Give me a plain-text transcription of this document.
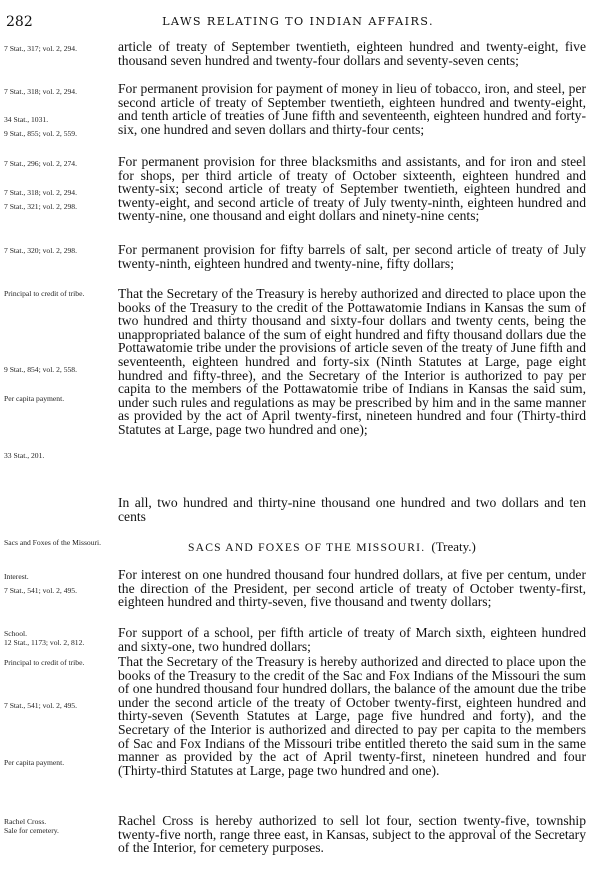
282	LAWS RELATING TO INDIAN AFFAIRS.
7 Stat., 317; vol. 2, 294.
7 Stat., 318; vol. 2, 294.
34 Stat., 1031.
9 Stat., 855; vol. 2, 559.
7 Stat., 296; vol. 2, 274.
7 Stat., 318; vol. 2, 294.
7 Stat., 321; vol. 2, 298.
7 Stat., 320; vol. 2, 298.
Principal to credit of tribe.
9 Stat., 854; vol. 2, 558.
Per capita payment.
33 Stat., 201.
Sacs and Foxes of the Missouri.
Interest.
7 Stat., 541; vol. 2, 495.
School.
12 Stat., 1173; vol. 2, 812.
Principal to credit of tribe.
7 Stat., 541; vol. 2, 495.
Per capita payment.
Rachel Cross.
Sale for cemetery.
article of treaty of September twentieth, eighteen hundred and twenty-eight, five thousand seven hundred and twenty-four dollars and seventy-seven cents;
For permanent provision for payment of money in lieu of tobacco, iron, and steel, per second article of treaty of September twentieth, eighteen hundred and twenty-eight, and tenth article of treaties of June fifth and seventeenth, eighteen hundred and forty-six, one hundred and seven dollars and thirty-four cents;
For permanent provision for three blacksmiths and assistants, and for iron and steel for shops, per third article of treaty of October sixteenth, eighteen hundred and twenty-six; second article of treaty of September twentieth, eighteen hundred and twenty-eight, and second article of treaty of July twenty-ninth, eighteen hundred and twenty-nine, one thousand and eight dollars and ninety-nine cents;
For permanent provision for fifty barrels of salt, per second article of treaty of July twenty-ninth, eighteen hundred and twenty-nine, fifty dollars;
That the Secretary of the Treasury is hereby authorized and directed to place upon the books of the Treasury to the credit of the Pottawatomie Indians in Kansas the sum of two hundred and thirty thousand and sixty-four dollars and twenty cents, being the unappropriated balance of the sum of eight hundred and fifty thousand dollars due the Pottawatomie tribe under the provisions of article seven of the treaty of June fifth and seventeenth, eighteen hundred and forty-six (Ninth Statutes at Large, page eight hundred and fifty-three), and the Secretary of the Interior is authorized to pay per capita to the members of the Pottawatomie tribe of Indians in Kansas the said sum, under such rules and regulations as may be prescribed by him and in the same manner as provided by the act of April twenty-first, nineteen hundred and four (Thirty-third Statutes at Large, page two hundred and one);
In all, two hundred and thirty-nine thousand one hundred and two dollars and ten cents
SACS AND FOXES OF THE MISSOURI. (Treaty.)
For interest on one hundred thousand four hundred dollars, at five per centum, under the direction of the President, per second article of treaty of October twenty-first, eighteen hundred and thirty-seven, five thousand and twenty dollars;
For support of a school, per fifth article of treaty of March sixth, eighteen hundred and sixty-one, two hundred dollars;
That the Secretary of the Treasury is hereby authorized and directed to place upon the books of the Treasury to the credit of the Sac and Fox Indians of the Missouri the sum of one hundred thousand four hundred dollars, the balance of the amount due the tribe under the second article of the treaty of October twenty-first, eighteen hundred and thirty-seven (Seventh Statutes at Large, page five hundred and forty), and the Secretary of the Interior is authorized and directed to pay per capita to the members of Sac and Fox Indians of the Missouri tribe entitled thereto the said sum in the same manner as provided by the act of April twenty-first, nineteen hundred and four (Thirty-third Statutes at Large, page two hundred and one).
Rachel Cross is hereby authorized to sell lot four, section twenty-five, township twenty-five north, range three east, in Kansas, subject to the approval of the Secretary of the Interior, for cemetery purposes.
